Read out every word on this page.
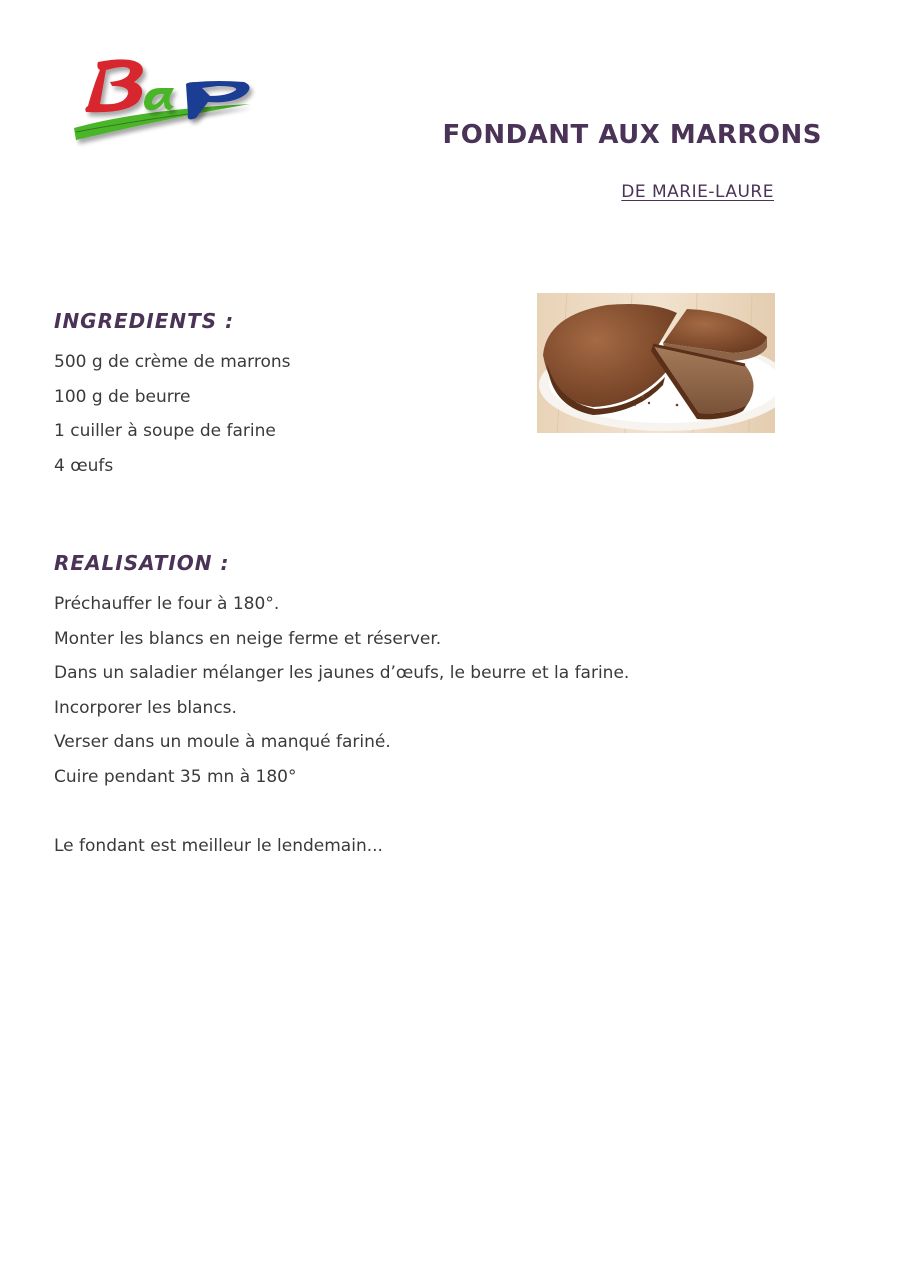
FONDANT AUX MARRONS

DE MARIE-LAURE

INGREDIENTS :
500 g de crème de marrons
100 g de beurre
1 cuiller à soupe de farine
4 œufs
REALISATION :
Préchauffer le four à 180°.
Monter les blancs en neige ferme et réserver.
Dans un saladier mélanger les jaunes d’œufs, le beurre et la farine.
Incorporer les blancs.
Verser dans un moule à manqué fariné.
Cuire pendant 35 mn à 180°

Le fondant est meilleur le lendemain...
